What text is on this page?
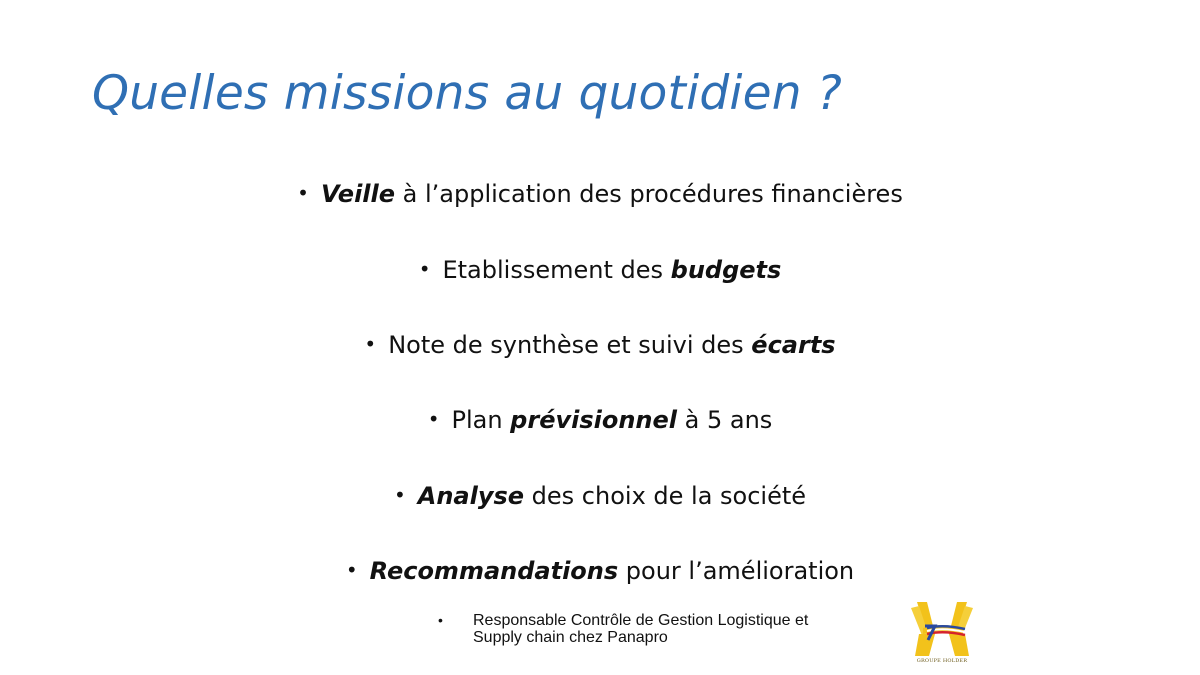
Quelles missions au quotidien ?
• Veille à l’application des procédures financières
• Etablissement des budgets
• Note de synthèse et suivi des écarts
• Plan prévisionnel à 5 ans
• Analyse des choix de la société
• Recommandations pour l’amélioration
• Responsable Contrôle de Gestion Logistique et
Supply chain chez Panapro
GROUPE HOLDER
